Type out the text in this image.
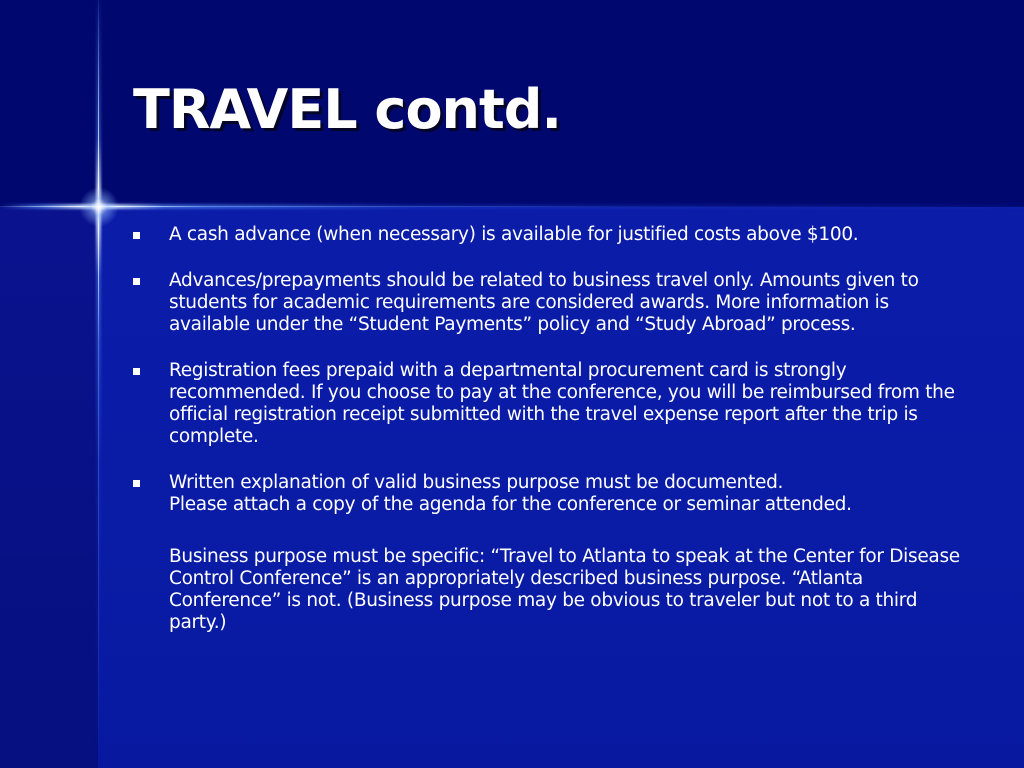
TRAVEL contd.

A cash advance (when necessary) is available for justified costs above $100.

Advances/prepayments should be related to business travel only. Amounts given to students for academic requirements are considered awards. More information is available under the “Student Payments” policy and “Study Abroad” process.

Registration fees prepaid with a departmental procurement card is strongly recommended. If you choose to pay at the conference, you will be reimbursed from the official registration receipt submitted with the travel expense report after the trip is complete.

Written explanation of valid business purpose must be documented.

Please attach a copy of the agenda for the conference or seminar attended.

Business purpose must be specific: “Travel to Atlanta to speak at the Center for Disease Control Conference” is an appropriately described business purpose. “Atlanta Conference” is not. (Business purpose may be obvious to traveler but not to a third party.)
